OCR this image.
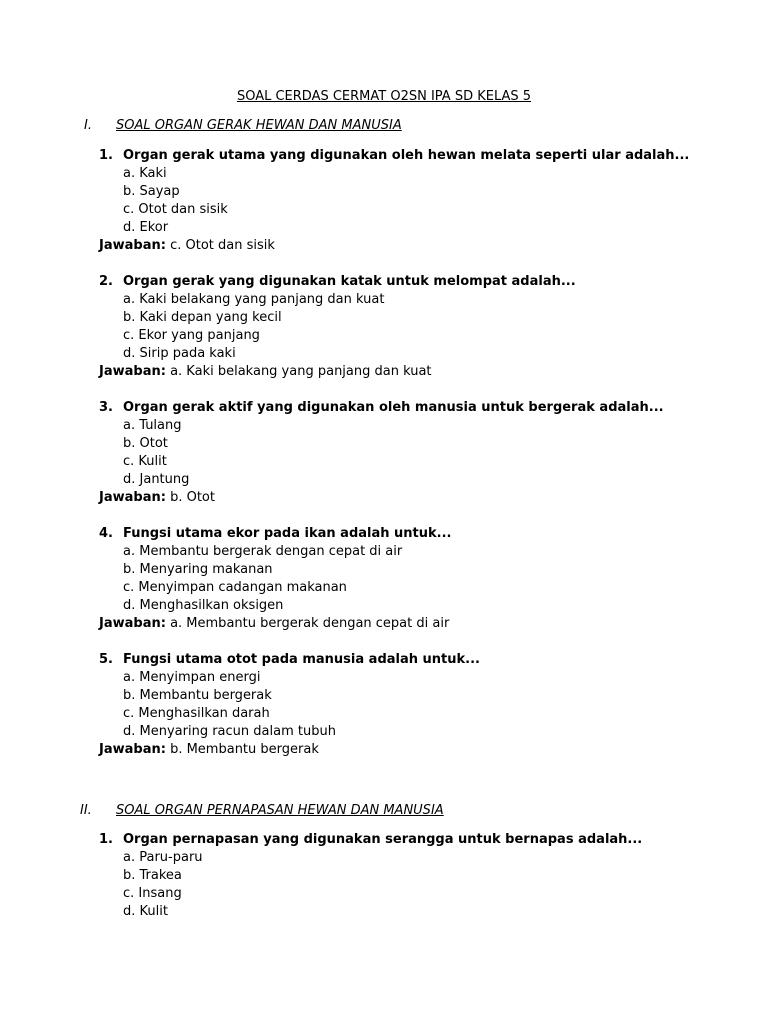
SOAL CERDAS CERMAT O2SN IPA SD KELAS 5
I. SOAL ORGAN GERAK HEWAN DAN MANUSIA
1. Organ gerak utama yang digunakan oleh hewan melata seperti ular adalah...
a. Kaki
b. Sayap
c. Otot dan sisik
d. Ekor
Jawaban: c. Otot dan sisik
2. Organ gerak yang digunakan katak untuk melompat adalah...
a. Kaki belakang yang panjang dan kuat
b. Kaki depan yang kecil
c. Ekor yang panjang
d. Sirip pada kaki
Jawaban: a. Kaki belakang yang panjang dan kuat
3. Organ gerak aktif yang digunakan oleh manusia untuk bergerak adalah...
a. Tulang
b. Otot
c. Kulit
d. Jantung
Jawaban: b. Otot
4. Fungsi utama ekor pada ikan adalah untuk...
a. Membantu bergerak dengan cepat di air
b. Menyaring makanan
c. Menyimpan cadangan makanan
d. Menghasilkan oksigen
Jawaban: a. Membantu bergerak dengan cepat di air
5. Fungsi utama otot pada manusia adalah untuk...
a. Menyimpan energi
b. Membantu bergerak
c. Menghasilkan darah
d. Menyaring racun dalam tubuh
Jawaban: b. Membantu bergerak
II. SOAL ORGAN PERNAPASAN HEWAN DAN MANUSIA
1. Organ pernapasan yang digunakan serangga untuk bernapas adalah...
a. Paru-paru
b. Trakea
c. Insang
d. Kulit
